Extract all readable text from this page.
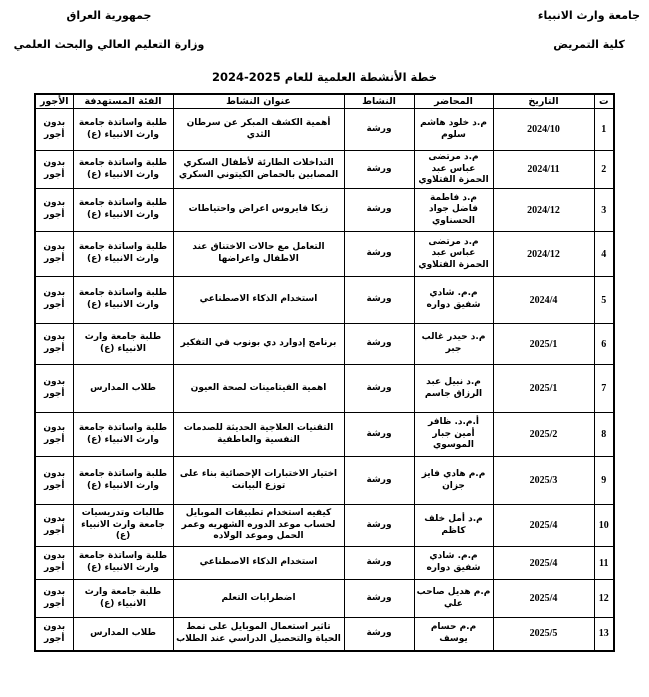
جامعة وارث الانبياء
كلية التمريض
جمهورية العراق
وزارة التعليم العالي والبحث العلمي
خطة الأنشطة العلمية للعام 2025-2024
ت	التاريخ	المحاضر	النشاط	عنوان النشاط	الفئة المستهدفة	الأجور
1	2024/10	م.د خلود هاشم سلوم	ورشة	أهمية الكشف المبكر عن سرطان الثدي	طلبة واساتذة جامعة وارث الانبياء (ع)	بدون أجور
2	2024/11	م.د مرتضى عباس عبد الحمزة الفتلاوي	ورشة	التداخلات الطارئة لأطفال السكري المصابين بالحماض الكيتوني السكري	طلبة واساتذة جامعة وارث الانبياء (ع)	بدون أجور
3	2024/12	م.د فاطمة فاضل جواد الحسناوي	ورشة	زيكا فايروس اعراض واحتياطات	طلبة واساتذة جامعة وارث الانبياء (ع)	بدون أجور
4	2024/12	م.د مرتضى عباس عبد الحمزة الفتلاوي	ورشة	التعامل مع حالات الاختناق عند الاطفال واعراضها	طلبة واساتذة جامعة وارث الانبياء (ع)	بدون أجور
5	2024/4	م.م. شادي شفيق دواره	ورشة	استخدام الذكاء الاصطناعي	طلبة واساتذة جامعة وارث الانبياء (ع)	بدون أجور
6	2025/1	م.د حيدر غالب جبر	ورشة	برنامج إدوارد دي بونوب في التفكير	طلبة جامعة وارث الانبياء (ع)	بدون أجور
7	2025/1	م.د نبيل عبد الرزاق جاسم	ورشة	اهمية الفيتامينات لصحة العيون	طلاب المدارس	بدون أجور
8	2025/2	أ.م.د. ظافر أمين جبار الموسوي	ورشة	التقنيات العلاجية الحديثة للصدمات النفسية والعاطفية	طلبة واساتذة جامعة وارث الانبياء (ع)	بدون أجور
9	2025/3	م.م هادي فايز جزان	ورشة	اختيار الاختبارات الإحصائية بناء على توزع البيانت	طلبة واساتذة جامعة وارث الانبياء (ع)	بدون أجور
10	2025/4	م.د أمل خلف كاظم	ورشة	كيفيه استخدام تطبيقات الموبايل لحساب موعد الدوره الشهريه وعمر الحمل وموعد الولاده	طالبات وتدريسيات جامعة وارث الانبياء (ع)	بدون أجور
11	2025/4	م.م. شادي شفيق دواره	ورشة	استخدام الذكاء الاصطناعي	طلبة واساتذة جامعة وارث الانبياء (ع)	بدون أجور
12	2025/4	م.م هديل صاحب علي	ورشة	اضطرابات التعلم	طلبة جامعة وارث الانبياء (ع)	بدون أجور
13	2025/5	م.م حسام يوسف	ورشة	تاثير استعمال الموبايل على نمط الحياة والتحصيل الدراسي عند الطلاب	طلاب المدارس	بدون أجور
